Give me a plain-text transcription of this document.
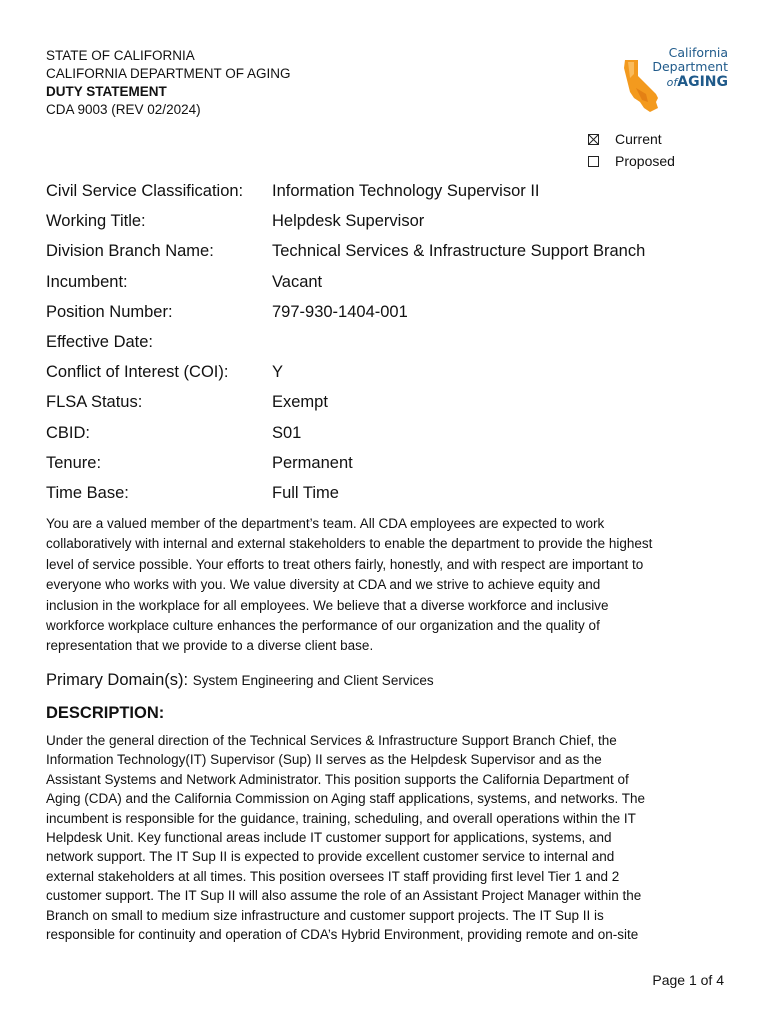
STATE OF CALIFORNIA
CALIFORNIA DEPARTMENT OF AGING
DUTY STATEMENT
CDA 9003 (REV 02/2024)
California
Department
ofAGING
Current
Proposed
Civil Service Classification:	Information Technology Supervisor II
Working Title:	Helpdesk Supervisor
Division Branch Name:	Technical Services & Infrastructure Support Branch
Incumbent:	Vacant
Position Number:	797-930-1404-001
Effective Date:
Conflict of Interest (COI):	Y
FLSA Status:	Exempt
CBID:	S01
Tenure:	Permanent
Time Base:	Full Time
You are a valued member of the department’s team. All CDA employees are expected to work
collaboratively with internal and external stakeholders to enable the department to provide the highest
level of service possible. Your efforts to treat others fairly, honestly, and with respect are important to
everyone who works with you. We value diversity at CDA and we strive to achieve equity and
inclusion in the workplace for all employees. We believe that a diverse workforce and inclusive
workforce workplace culture enhances the performance of our organization and the quality of
representation that we provide to a diverse client base.
Primary Domain(s): System Engineering and Client Services
DESCRIPTION:
Under the general direction of the Technical Services & Infrastructure Support Branch Chief, the
Information Technology(IT) Supervisor (Sup) II serves as the Helpdesk Supervisor and as the
Assistant Systems and Network Administrator. This position supports the California Department of
Aging (CDA) and the California Commission on Aging staff applications, systems, and networks. The
incumbent is responsible for the guidance, training, scheduling, and overall operations within the IT
Helpdesk Unit. Key functional areas include IT customer support for applications, systems, and
network support. The IT Sup II is expected to provide excellent customer service to internal and
external stakeholders at all times. This position oversees IT staff providing first level Tier 1 and 2
customer support. The IT Sup II will also assume the role of an Assistant Project Manager within the
Branch on small to medium size infrastructure and customer support projects. The IT Sup II is
responsible for continuity and operation of CDA’s Hybrid Environment, providing remote and on-site
Page 1 of 4
